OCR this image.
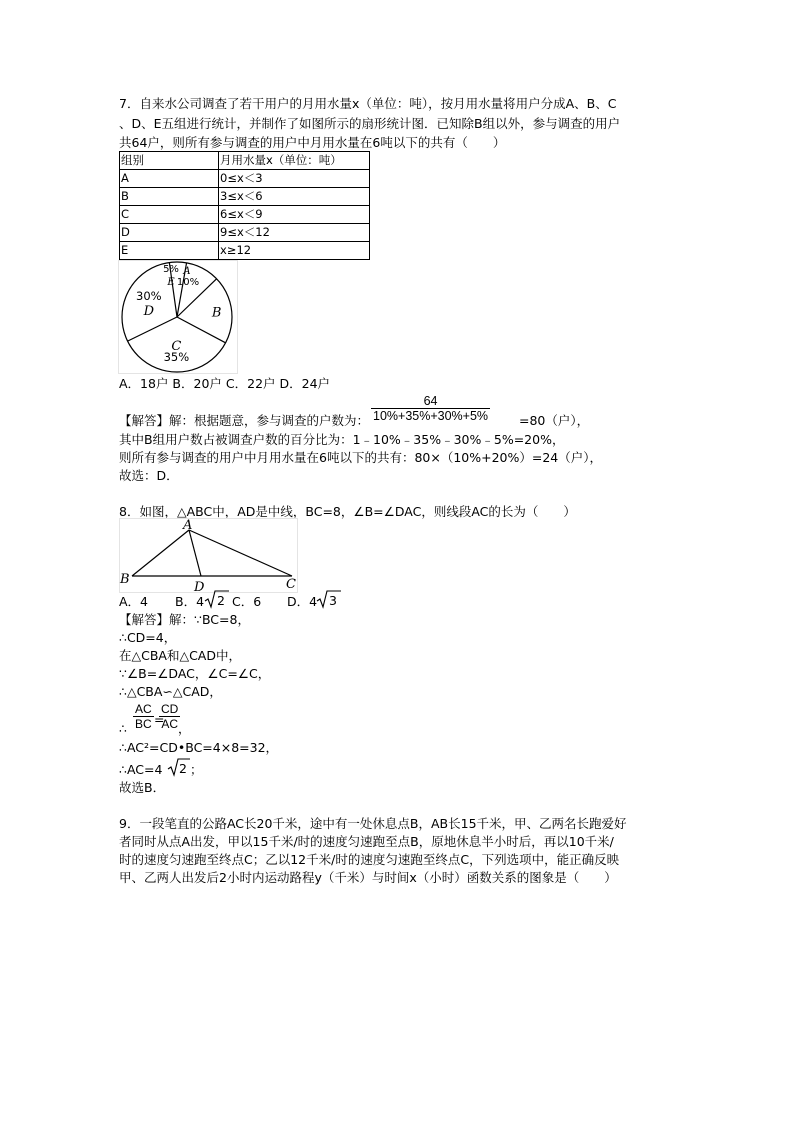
7．自来水公司调查了若干用户的月用水量x（单位：吨），按月用水量将用户分成A、B、C
、D、E五组进行统计，并制作了如图所示的扇形统计图．已知除B组以外，参与调查的用户
共64户，则所有参与调查的用户中月用水量在6吨以下的共有（　　）
组别	月用水量x（单位：吨）
A	0≤x＜3
B	3≤x＜6
C	6≤x＜9
D	9≤x＜12
E	x≥12
10%
A
B
35%
C
30%
D
5%
E
A．18户 B．20户 C．22户 D．24户
【解答】解：根据题意，参与调查的户数为： $\frac{64}{10\%+35\%+30\%+5\%} =80$（户），
其中B组用户数占被调查户数的百分比为：1﹣10%﹣35%﹣30%﹣5%=20%，
则所有参与调查的用户中月用水量在6吨以下的共有：80×（10%+20%）=24（户），
故选：D．
8．如图，△ABC中，AD是中线，BC=8，∠B=∠DAC，则线段AC的长为（　　）
A
B	C
D
A．4 B．4 2 C．6 D．4 3
【解答】解：∵BC=8，
∴CD=4，
在△CBA和△CAD中，
∵∠B=∠DAC，∠C=∠C，
∴△CBA∽△CAD，
∴ $\frac{AC}{BC}$ =
$\frac{CD}{AC}$
，
∴AC²=CD•BC=4×8=32，
∴AC=4 2 ；
故选B．
9．一段笔直的公路AC长20千米，途中有一处休息点B，AB长15千米，甲、乙两名长跑爱好
者同时从点A出发，甲以15千米/时的速度匀速跑至点B，原地休息半小时后，再以10千米/
时的速度匀速跑至终点C；乙以12千米/时的速度匀速跑至终点C，下列选项中，能正确反映
甲、乙两人出发后2小时内运动路程y（千米）与时间x（小时）函数关系的图象是（　　）
